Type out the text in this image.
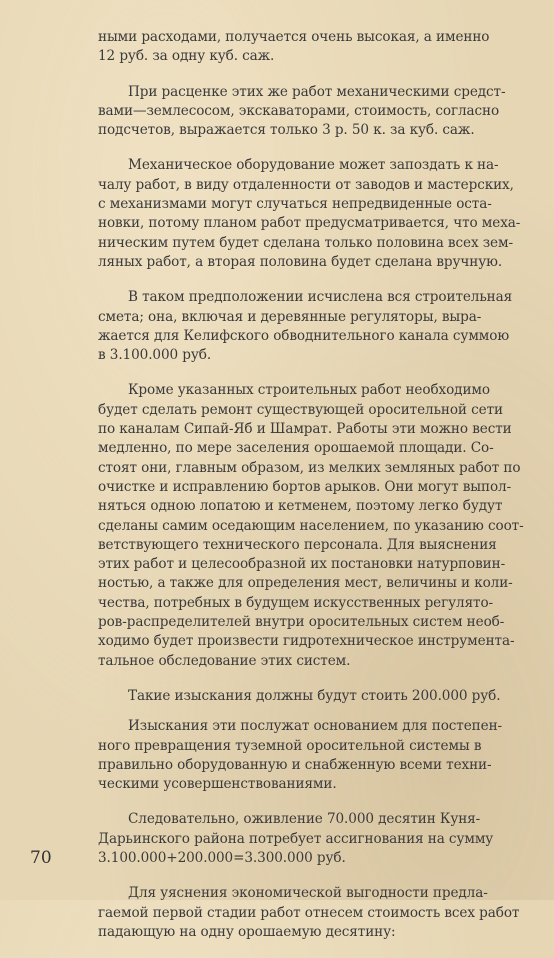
ными расходами, получается очень высокая, а именно
12 руб. за одну куб. саж.

При расценке этих же работ механическими средст-
вами—землесосом, экскаваторами, стоимость, согласно
подсчетов, выражается только 3 р. 50 к. за куб. саж.

Механическое оборудование может запоздать к на-
чалу работ, в виду отдаленности от заводов и мастерских,
с механизмами могут случаться непредвиденные оста-
новки, потому планом работ предусматривается, что меха-
ническим путем будет сделана только половина всех зем-
ляных работ, а вторая половина будет сделана вручную.

В таком предположении исчислена вся строительная
смета; она, включая и деревянные регуляторы, выра-
жается для Келифского обводнительного канала суммою
в 3.100.000 руб.

Кроме указанных строительных работ необходимо
будет сделать ремонт существующей оросительной сети
по каналам Сипай-Яб и Шамрат. Работы эти можно вести
медленно, по мере заселения орошаемой площади. Со-
стоят они, главным образом, из мелких земляных работ по
очистке и исправлению бортов арыков. Они могут выпол-
няться одною лопатою и кетменем, поэтому легко будут
сделаны самим оседающим населением, по указанию соот-
ветствующего технического персонала. Для выяснения
этих работ и целесообразной их постановки натурповин-
ностью, а также для определения мест, величины и коли-
чества, потребных в будущем искусственных регулято-
ров-распределителей внутри оросительных систем необ-
ходимо будет произвести гидротехническое инструмента-
тальное обследование этих систем.

Такие изыскания должны будут стоить 200.000 руб.

Изыскания эти послужат основанием для постепен-
ного превращения туземной оросительной системы в
правильно оборудованную и снабженную всеми техни-
ческими усовершенствованиями.

Следовательно, оживление 70.000 десятин Куня-
Дарьинского района потребует ассигнования на сумму
3.100.000+200.000=3.300.000 руб.

Для уяснения экономической выгодности предла-
гаемой первой стадии работ отнесем стоимость всех работ
падающую на одну орошаемую десятину:

70
